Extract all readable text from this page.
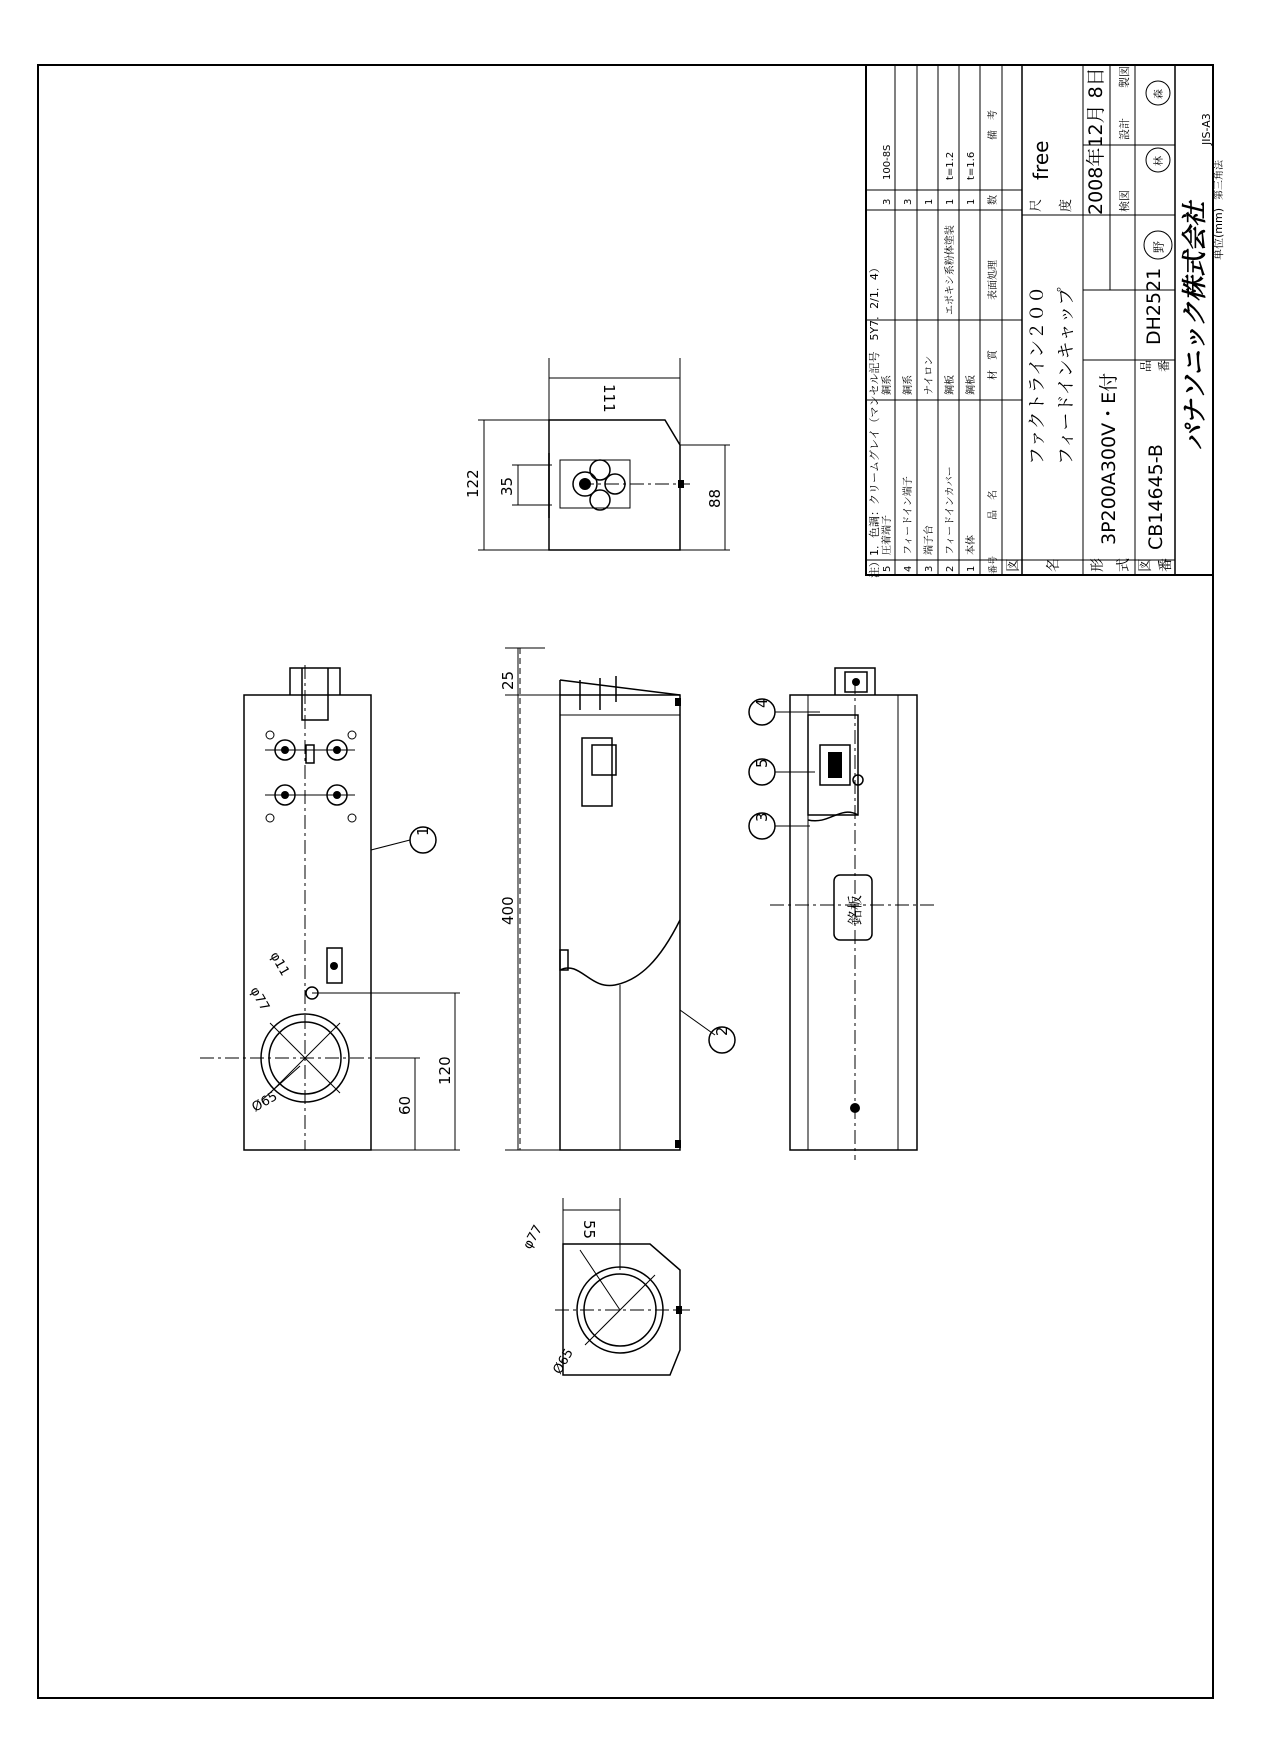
注）1．色調：クリームグレイ（マンセル記号　5Y7．2/1．4） 5
圧着端子
銅系
3
100-8S
4
フィードイン端子
銅系
3
3
端子台
ナイロン
1
2
フィードインカバー
鋼板
エポキシ系粉体塗装
1
t=1.2
1
本体
鋼板
1
t=1.6
番号
品　名
材　質
表面処理
数
備　考
図 名
ファクトライン２００ フィードインキャップ
尺 度
free 2008年12月 8日 検図
設計
製図
形 式
3P200A300V・E付
図 番
CB14645-B
品 番
DH2521
野
林
森
パナソニック株式会社 単位(mm)
第三角法
JIS-A3
122 35
88
111
120
60
φ11
φ77
Ø65
1
25
400
2
銘板
4
5
3
55
φ77
Ø65
